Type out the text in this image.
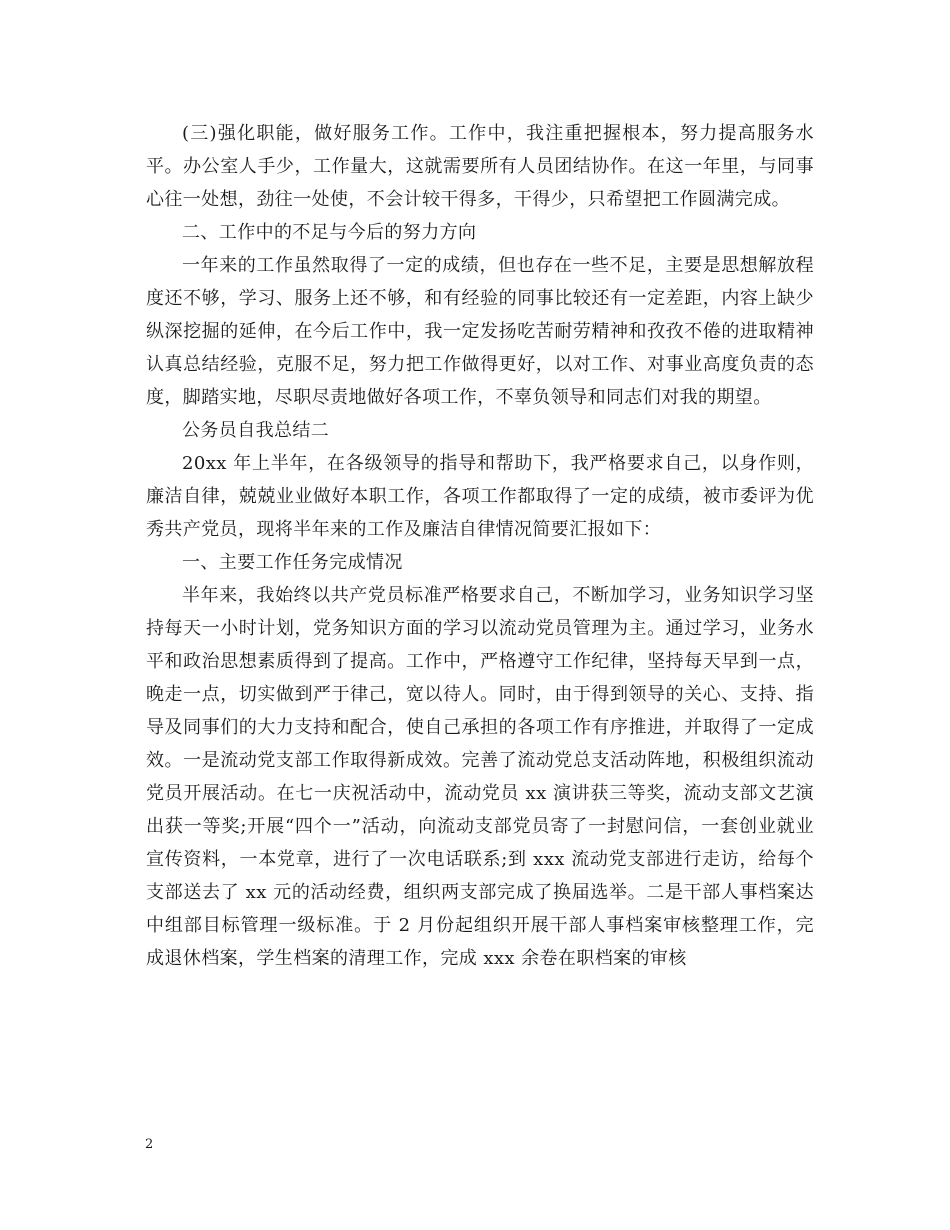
(三)强化职能，做好服务工作。工作中，我注重把握根本，努力提高服务水平。办公室人手少，工作量大，这就需要所有人员团结协作。在这一年里，与同事心往一处想，劲往一处使，不会计较干得多，干得少，只希望把工作圆满完成。

二、工作中的不足与今后的努力方向

一年来的工作虽然取得了一定的成绩，但也存在一些不足，主要是思想解放程度还不够，学习、服务上还不够，和有经验的同事比较还有一定差距，内容上缺少纵深挖掘的延伸，在今后工作中，我一定发扬吃苦耐劳精神和孜孜不倦的进取精神认真总结经验，克服不足，努力把工作做得更好，以对工作、对事业高度负责的态度，脚踏实地，尽职尽责地做好各项工作，不辜负领导和同志们对我的期望。

公务员自我总结二

20xx 年上半年，在各级领导的指导和帮助下，我严格要求自己，以身作则，廉洁自律，兢兢业业做好本职工作，各项工作都取得了一定的成绩，被市委评为优秀共产党员，现将半年来的工作及廉洁自律情况简要汇报如下：

一、主要工作任务完成情况

半年来，我始终以共产党员标准严格要求自己，不断加学习，业务知识学习坚持每天一小时计划，党务知识方面的学习以流动党员管理为主。通过学习，业务水平和政治思想素质得到了提高。工作中，严格遵守工作纪律，坚持每天早到一点，晚走一点，切实做到严于律己，宽以待人。同时，由于得到领导的关心、支持、指导及同事们的大力支持和配合，使自己承担的各项工作有序推进，并取得了一定成效。一是流动党支部工作取得新成效。完善了流动党总支活动阵地，积极组织流动党员开展活动。在七一庆祝活动中，流动党员 xx 演讲获三等奖，流动支部文艺演出获一等奖;开展“四个一”活动，向流动支部党员寄了一封慰问信，一套创业就业宣传资料，一本党章，进行了一次电话联系;到 xxx 流动党支部进行走访，给每个支部送去了 xx 元的活动经费，组织两支部完成了换届选举。二是干部人事档案达中组部目标管理一级标准。于 2 月份起组织开展干部人事档案审核整理工作，完成退休档案，学生档案的清理工作，完成 xxx 余卷在职档案的审核

2
